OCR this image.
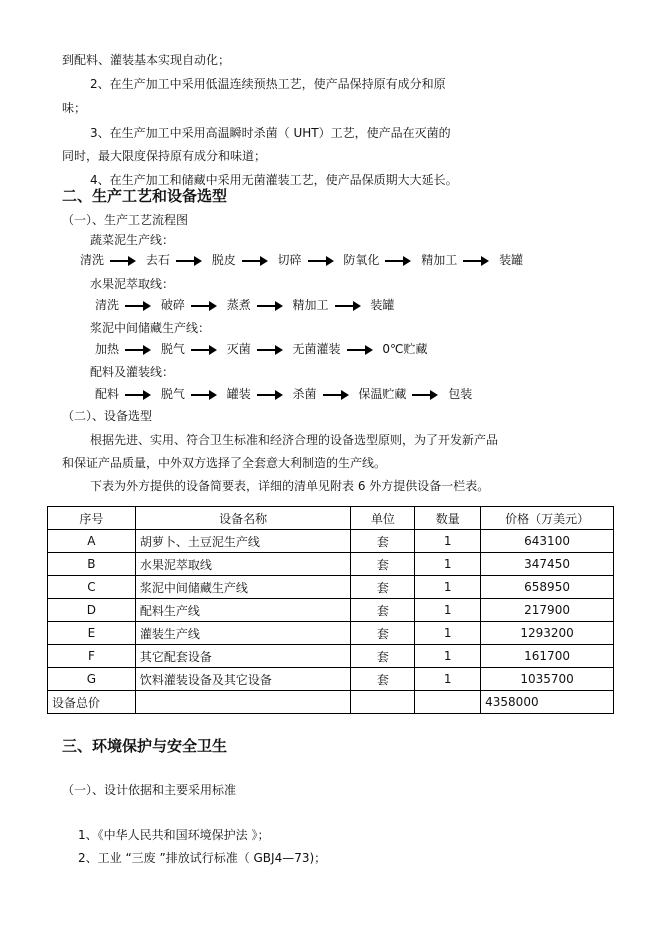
到配料、灌装基本实现自动化；
2、在生产加工中采用低温连续预热工艺，使产品保持原有成分和原
味；
3、在生产加工中采用高温瞬时杀菌（ UHT）工艺，使产品在灭菌的
同时，最大限度保持原有成分和味道；
4、在生产加工和储藏中采用无菌灌装工艺，使产品保质期大大延长。
二、生产工艺和设备选型
（一）、生产工艺流程图
蔬菜泥生产线：
清洗	去石	脱皮	切碎	防氧化	精加工	装罐
水果泥萃取线：
清洗	破碎	蒸煮	精加工	装罐
浆泥中间储藏生产线：
加热	脱气	灭菌	无菌灌装	0℃贮藏
配料及灌装线：
配料	脱气	罐装	杀菌	保温贮藏	包装
（二）、设备选型
根据先进、实用、符合卫生标准和经济合理的设备选型原则，为了开发新产品
和保证产品质量，中外双方选择了全套意大利制造的生产线。
下表为外方提供的设备简要表，详细的清单见附表 6 外方提供设备一栏表。
序号	设备名称	单位	数量	价格（万美元）
A	胡萝卜、土豆泥生产线	套	1	643100
B	水果泥萃取线	套	1	347450
C	浆泥中间储藏生产线	套	1	658950
D	配料生产线	套	1	217900
E	灌装生产线	套	1	1293200
F	其它配套设备	套	1	161700
G	饮料灌装设备及其它设备	套	1	1035700
设备总价				4358000
三、环境保护与安全卫生
（一）、设计依据和主要采用标准
1、《中华人民共和国环境保护法 》；
2、工业 “三废 ”排放试行标准（ GBJ4—73)；
